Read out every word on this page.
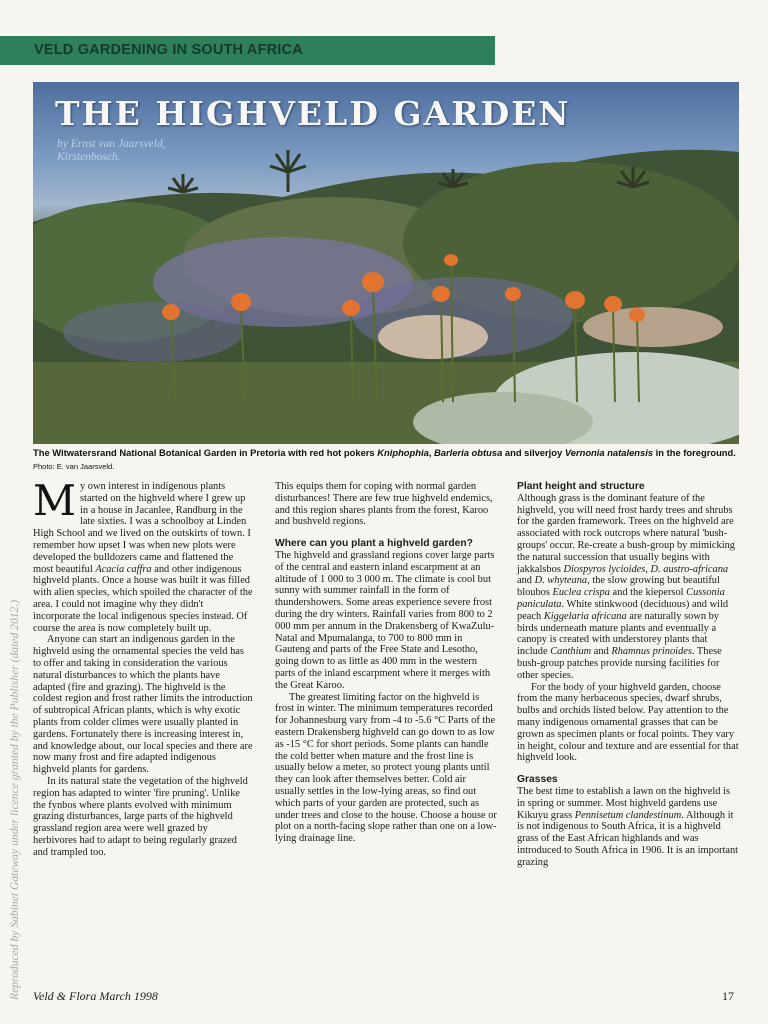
VELD GARDENING IN SOUTH AFRICA
THE HIGHVELD GARDEN
by Ernst van Jaarsveld,
Kirstenbosch.
The Witwatersrand National Botanical Garden in Pretoria with red hot pokers Kniphophia, Barleria obtusa and silverjoy Vernonia natalensis in the foreground. Photo: E. van Jaarsveld.
Reproduced by Sabinet Gateway under licence granted by the Publisher (dated 2012.)

My own interest in indigenous plants started on the highveld where I grew up in a house in Jacanlee, Randburg in the late sixties. I was a schoolboy at Linden High School and we lived on the outskirts of town. I remember how upset I was when new plots were developed the bulldozers came and flattened the most beautiful Acacia caffra and other indigenous highveld plants. Once a house was built it was filled with alien species, which spoiled the character of the area. I could not imagine why they didn't incorporate the local indigenous species instead. Of course the area is now completely built up.

Anyone can start an indigenous garden in the highveld using the ornamental species the veld has to offer and taking in consideration the various natural disturbances to which the plants have adapted (fire and grazing). The highveld is the coldest region and frost rather limits the introduction of subtropical African plants, which is why exotic plants from colder climes were usually planted in gardens. Fortunately there is increasing interest in, and knowledge about, our local species and there are now many frost and fire adapted indigenous highveld plants for gardens.

In its natural state the vegetation of the highveld region has adapted to winter 'fire pruning'. Unlike the fynbos where plants evolved with minimum grazing disturbances, large parts of the highveld grassland region area were well grazed by herbivores had to adapt to being regularly grazed and trampled too.

This equips them for coping with normal garden disturbances! There are few true highveld endemics, and this region shares plants from the forest, Karoo and bushveld regions.

Where can you plant a highveld garden?

The highveld and grassland regions cover large parts of the central and eastern inland escarpment at an altitude of 1 000 to 3 000 m. The climate is cool but sunny with summer rainfall in the form of thundershowers. Some areas experience severe frost during the dry winters. Rainfall varies from 800 to 2 000 mm per annum in the Drakensberg of KwaZulu-Natal and Mpumalanga, to 700 to 800 mm in Gauteng and parts of the Free State and Lesotho, going down to as little as 400 mm in the western parts of the inland escarpment where it merges with the Great Karoo.

The greatest limiting factor on the highveld is frost in winter. The minimum temperatures recorded for Johannesburg vary from -4 to -5.6 °C Parts of the eastern Drakensberg highveld can go down to as low as -15 °C for short periods. Some plants can handle the cold better when mature and the frost line is usually below a meter, so protect young plants until they can look after themselves better. Cold air usually settles in the low-lying areas, so find out which parts of your garden are protected, such as under trees and close to the house. Choose a house or plot on a north-facing slope rather than one on a low-lying drainage line.

Plant height and structure

Although grass is the dominant feature of the highveld, you will need frost hardy trees and shrubs for the garden framework. Trees on the highveld are associated with rock outcrops where natural 'bush-groups' occur. Re-create a bush-group by mimicking the natural succession that usually begins with jakkalsbos Diospyros lycioides, D. austro-africana and D. whyteana, the slow growing but beautiful bloubos Euclea crispa and the kiepersol Cussonia paniculata. White stinkwood (deciduous) and wild peach Kiggelaria africana are naturally sown by birds underneath mature plants and eventually a canopy is created with understorey plants that include Canthium and Rhamnus prinoides. These bush-group patches provide nursing facilities for other species.

For the body of your highveld garden, choose from the many herbaceous species, dwarf shrubs, bulbs and orchids listed below. Pay attention to the many indigenous ornamental grasses that can be grown as specimen plants or focal points. They vary in height, colour and texture and are essential for that highveld look.

Grasses

The best time to establish a lawn on the highveld is in spring or summer. Most highveld gardens use Kikuyu grass Pennisetum clandestinum. Although it is not indigenous to South Africa, it is a highveld grass of the East African highlands and was introduced to South Africa in 1906. It is an important grazing

Veld & Flora March 1998	17
